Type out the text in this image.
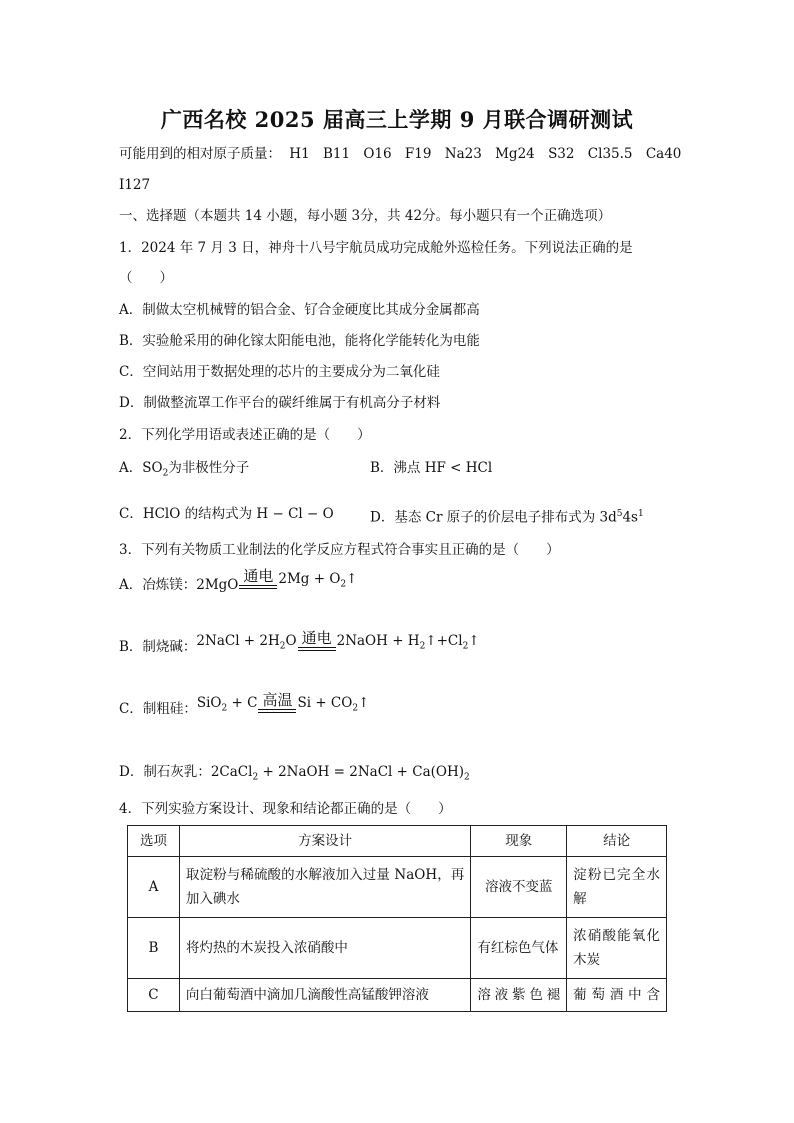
广西名校 2025 届高三上学期 9 月联合调研测试
可能用到的相对原子质量： H1 B11 O16 F19 Na23 Mg24 S32 Cl35.5 Ca40
I127
一、选择题（本题共 14 小题，每小题 3分，共 42分。每小题只有一个正确选项）
1．2024 年 7 月 3 日，神舟十八号宇航员成功完成舱外巡检任务。下列说法正确的是
（　　）
A．制做太空机械臂的铝合金、钌合金硬度比其成分金属都高
B．实验舱采用的砷化镓太阳能电池，能将化学能转化为电能
C．空间站用于数据处理的芯片的主要成分为二氧化硅
D．制做整流罩工作平台的碳纤维属于有机高分子材料
2．下列化学用语或表述正确的是（　　）
A．$SO_2$为非极性分子	B．沸点 HF < HCl
C．HClO 的结构式为 H − Cl − O	D．基态 Cr 原子的价层电子排布式为 $3d^54s^1$
3．下列有关物质工业制法的化学反应方程式符合事实且正确的是（　　）
A．冶炼镁： 2MgO 通电 $2Mg + O_2↑$
B．制烧碱： 2NaCl + $2H_2O$ 通电 2NaOH + $H_2↑+Cl_2↑$
C．制粗硅： SiO$_2$ + C 高温 $Si + CO_2↑$
D．制石灰乳：2CaCl$_2$ + 2NaOH = 2NaCl + $Ca(OH)_2$
4．下列实验方案设计、现象和结论都正确的是（　　）
选项	方案设计	现象	结论
A	取淀粉与稀硫酸的水解液加入过量 NaOH，再加入碘水	溶液不变蓝	淀粉已完全水解
B	将灼热的木炭投入浓硝酸中	有红棕色气体	浓硝酸能氧化木炭
C	向白葡萄酒中滴加几滴酸性高锰酸钾溶液	溶液紫色褪	葡萄酒中含
